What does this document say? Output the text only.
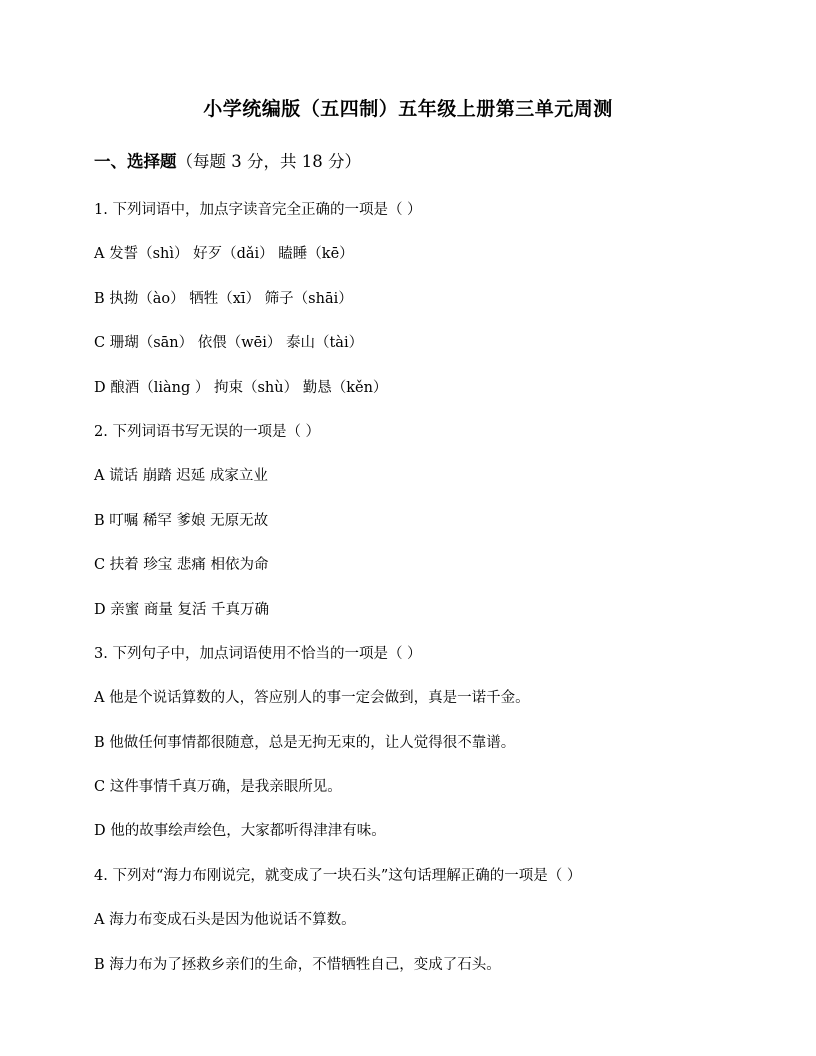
小学统编版（五四制）五年级上册第三单元周测
一、选择题（每题 3 分，共 18 分）
1. 下列词语中，加点字读音完全正确的一项是（ ）
A 发誓（shì） 好歹（dǎi） 瞌睡（kē）
B 执拗（ào） 牺牲（xī） 筛子（shāi）
C 珊瑚（sān） 依偎（wēi） 泰山（tài）
D 酿酒（liàng ） 拘束（shù） 勤恳（kěn）
2. 下列词语书写无误的一项是（ ）
A 谎话 崩踏 迟延 成家立业
B 叮嘱 稀罕 爹娘 无原无故
C 扶着 珍宝 悲痛 相依为命
D 亲蜜 商量 复活 千真万确
3. 下列句子中，加点词语使用不恰当的一项是（ ）
A 他是个说话算数的人，答应别人的事一定会做到，真是一诺千金。
B 他做任何事情都很随意，总是无拘无束的，让人觉得很不靠谱。
C 这件事情千真万确，是我亲眼所见。
D 他的故事绘声绘色，大家都听得津津有味。
4. 下列对“海力布刚说完，就变成了一块石头”这句话理解正确的一项是（ ）
A 海力布变成石头是因为他说话不算数。
B 海力布为了拯救乡亲们的生命，不惜牺牲自己，变成了石头。
